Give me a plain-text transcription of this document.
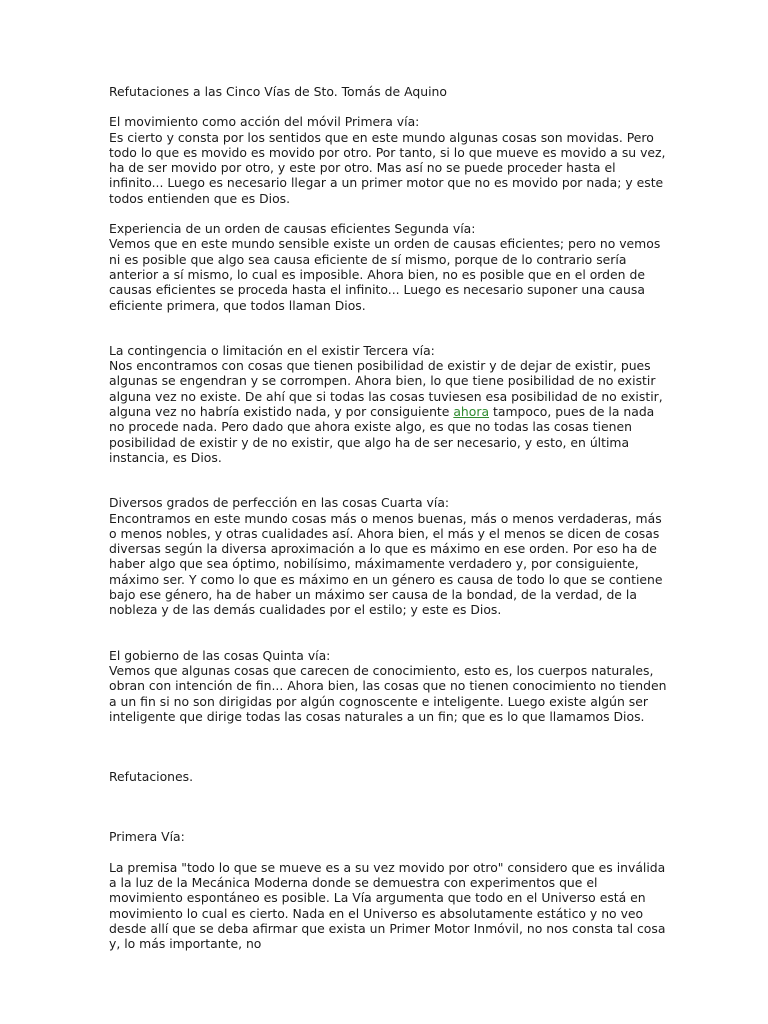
Refutaciones a las Cinco Vías de Sto. Tomás de Aquino

El movimiento como acción del móvil Primera vía:
Es cierto y consta por los sentidos que en este mundo algunas cosas son movidas. Pero todo lo que es movido es movido por otro. Por tanto, si lo que mueve es movido a su vez, ha de ser movido por otro, y este por otro. Mas así no se puede proceder hasta el infinito... Luego es necesario llegar a un primer motor que no es movido por nada; y este todos entienden que es Dios.
Experiencia de un orden de causas eficientes Segunda vía:
Vemos que en este mundo sensible existe un orden de causas eficientes; pero no vemos ni es posible que algo sea causa eficiente de sí mismo, porque de lo contrario sería anterior a sí mismo, lo cual es imposible. Ahora bien, no es posible que en el orden de causas eficientes se proceda hasta el infinito... Luego es necesario suponer una causa eficiente primera, que todos llaman Dios.
La contingencia o limitación en el existir Tercera vía:
Nos encontramos con cosas que tienen posibilidad de existir y de dejar de existir, pues algunas se engendran y se corrompen. Ahora bien, lo que tiene posibilidad de no existir alguna vez no existe. De ahí que si todas las cosas tuviesen esa posibilidad de no existir, alguna vez no habría existido nada, y por consiguiente ahora tampoco, pues de la nada no procede nada. Pero dado que ahora existe algo, es que no todas las cosas tienen posibilidad de existir y de no existir, que algo ha de ser necesario, y esto, en última instancia, es Dios.
Diversos grados de perfección en las cosas Cuarta vía:
Encontramos en este mundo cosas más o menos buenas, más o menos verdaderas, más o menos nobles, y otras cualidades así. Ahora bien, el más y el menos se dicen de cosas diversas según la diversa aproximación a lo que es máximo en ese orden. Por eso ha de haber algo que sea óptimo, nobilísimo, máximamente verdadero y, por consiguiente, máximo ser. Y como lo que es máximo en un género es causa de todo lo que se contiene bajo ese género, ha de haber un máximo ser causa de la bondad, de la verdad, de la nobleza y de las demás cualidades por el estilo; y este es Dios.
El gobierno de las cosas Quinta vía:
Vemos que algunas cosas que carecen de conocimiento, esto es, los cuerpos naturales, obran con intención de fin... Ahora bien, las cosas que no tienen conocimiento no tienden a un fin si no son dirigidas por algún cognoscente e inteligente. Luego existe algún ser inteligente que dirige todas las cosas naturales a un fin; que es lo que llamamos Dios.

Refutaciones.

Primera Vía:

La premisa "todo lo que se mueve es a su vez movido por otro" considero que es inválida a la luz de la Mecánica Moderna donde se demuestra con experimentos que el movimiento espontáneo es posible. La Vía argumenta que todo en el Universo está en movimiento lo cual es cierto. Nada en el Universo es absolutamente estático y no veo desde allí que se deba afirmar que exista un Primer Motor Inmóvil, no nos consta tal cosa y, lo más importante, no
